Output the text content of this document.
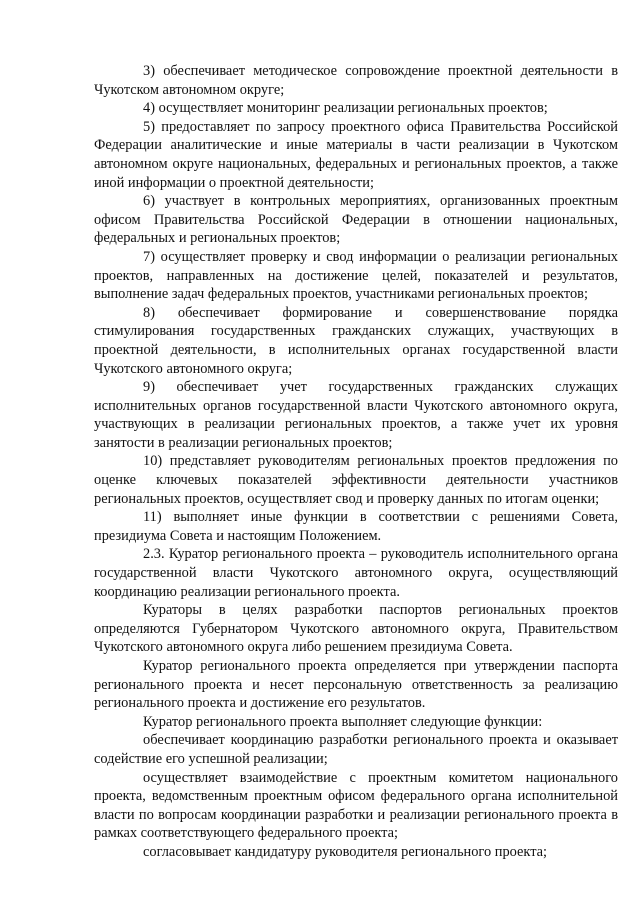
3) обеспечивает методическое сопровождение проектной деятельности в Чукотском автономном округе;

4) осуществляет мониторинг реализации региональных проектов;

5) предоставляет по запросу проектного офиса Правительства Российской Федерации аналитические и иные материалы в части реализации в Чукотском автономном округе национальных, федеральных и региональных проектов, а также иной информации о проектной деятельности;

6) участвует в контрольных мероприятиях, организованных проектным офисом Правительства Российской Федерации в отношении национальных, федеральных и региональных проектов;

7) осуществляет проверку и свод информации о реализации региональных проектов, направленных на достижение целей, показателей и результатов, выполнение задач федеральных проектов, участниками региональных проектов;

8) обеспечивает формирование и совершенствование порядка стимулирования государственных гражданских служащих, участвующих в проектной деятельности, в исполнительных органах государственной власти Чукотского автономного округа;

9) обеспечивает учет государственных гражданских служащих исполнительных органов государственной власти Чукотского автономного округа, участвующих в реализации региональных проектов, а также учет их уровня занятости в реализации региональных проектов;

10) представляет руководителям региональных проектов предложения по оценке ключевых показателей эффективности деятельности участников региональных проектов, осуществляет свод и проверку данных по итогам оценки;

11) выполняет иные функции в соответствии с решениями Совета, президиума Совета и настоящим Положением.

2.3. Куратор регионального проекта – руководитель исполнительного органа государственной власти Чукотского автономного округа, осуществляющий координацию реализации регионального проекта.

Кураторы в целях разработки паспортов региональных проектов определяются Губернатором Чукотского автономного округа, Правительством Чукотского автономного округа либо решением президиума Совета.

Куратор регионального проекта определяется при утверждении паспорта регионального проекта и несет персональную ответственность за реализацию регионального проекта и достижение его результатов.

Куратор регионального проекта выполняет следующие функции:

обеспечивает координацию разработки регионального проекта и оказывает содействие его успешной реализации;

осуществляет взаимодействие с проектным комитетом национального проекта, ведомственным проектным офисом федерального органа исполнительной власти по вопросам координации разработки и реализации регионального проекта в рамках соответствующего федерального проекта;

согласовывает кандидатуру руководителя регионального проекта;
